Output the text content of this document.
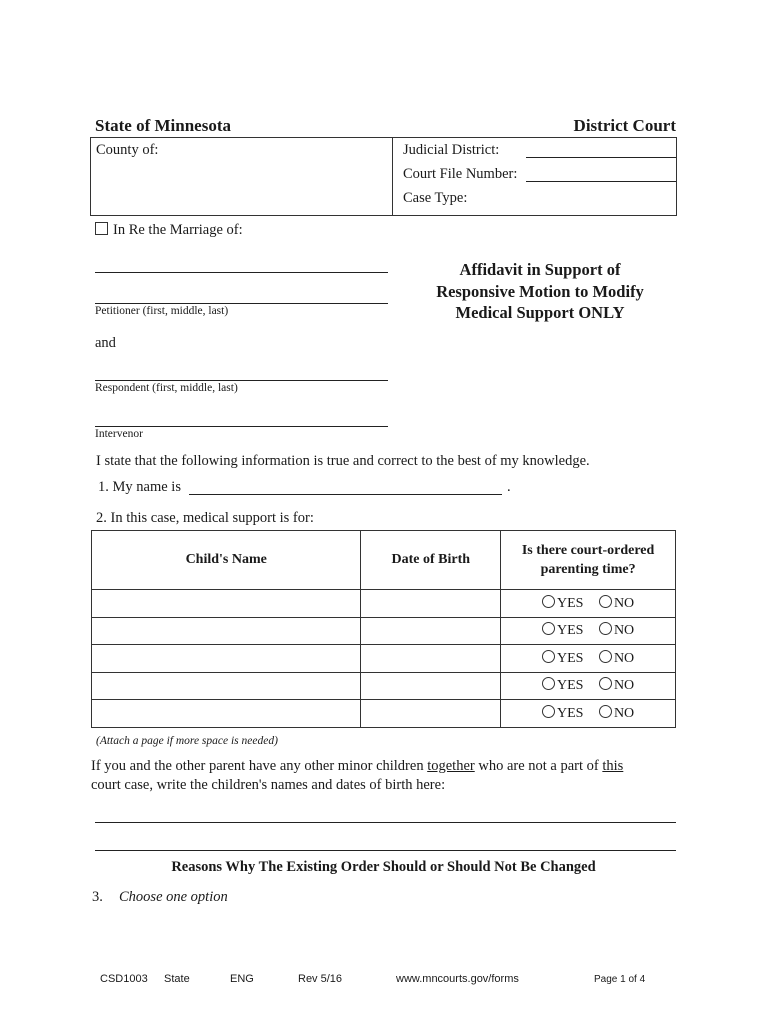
State of Minnesota	District Court
County of:	Judicial District:
Court File Number:
Case Type:
In Re the Marriage of:
Petitioner (first, middle, last)
and
Respondent (first, middle, last)
Intervenor
Affidavit in Support of
Responsive Motion to Modify
Medical Support ONLY
I state that the following information is true and correct to the best of my knowledge.
1. My name is	.
2. In this case, medical support is for:
Child's Name	Date of Birth	Is there court-ordered parenting time?
		YES NO
		YES NO
		YES NO
		YES NO
		YES NO
(Attach a page if more space is needed)
If you and the other parent have any other minor children together who are not a part of this
court case, write the children's names and dates of birth here:
Reasons Why The Existing Order Should or Should Not Be Changed
3. Choose one option
CSD1003 State	ENG	Rev 5/16	www.mncourts.gov/forms	Page 1 of 4
